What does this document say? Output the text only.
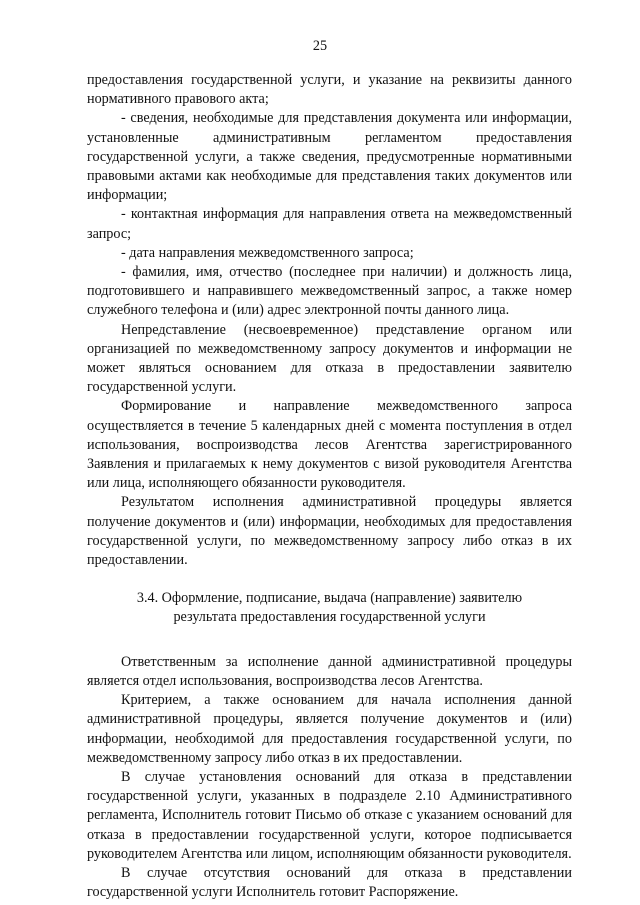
25

предоставления государственной услуги, и указание на реквизиты данного нормативного правового акта;

- сведения, необходимые для представления документа или информации, установленные административным регламентом предоставления государственной услуги, а также сведения, предусмотренные нормативными правовыми актами как необходимые для представления таких документов или информации;

- контактная информация для направления ответа на межведомственный запрос;

- дата направления межведомственного запроса;

- фамилия, имя, отчество (последнее при наличии) и должность лица, подготовившего и направившего межведомственный запрос, а также номер служебного телефона и (или) адрес электронной почты данного лица.

Непредставление (несвоевременное) представление органом или организацией по межведомственному запросу документов и информации не может являться основанием для отказа в предоставлении заявителю государственной услуги.

Формирование и направление межведомственного запроса осуществляется в течение 5 календарных дней с момента поступления в отдел использования, воспроизводства лесов Агентства зарегистрированного Заявления и прилагаемых к нему документов с визой руководителя Агентства или лица, исполняющего обязанности руководителя.

Результатом исполнения административной процедуры является получение документов и (или) информации, необходимых для предоставления государственной услуги, по межведомственному запросу либо отказ в их предоставлении.

3.4. Оформление, подписание, выдача (направление) заявителю
результата предоставления государственной услуги

Ответственным за исполнение данной административной процедуры является отдел использования, воспроизводства лесов Агентства.

Критерием, а также основанием для начала исполнения данной административной процедуры, является получение документов и (или) информации, необходимой для предоставления государственной услуги, по межведомственному запросу либо отказ в их предоставлении.

В случае установления оснований для отказа в представлении государственной услуги, указанных в подразделе 2.10 Административного регламента, Исполнитель готовит Письмо об отказе с указанием оснований для отказа в предоставлении государственной услуги, которое подписывается руководителем Агентства или лицом, исполняющим обязанности руководителя.

В случае отсутствия оснований для отказа в представлении государственной услуги Исполнитель готовит Распоряжение.
